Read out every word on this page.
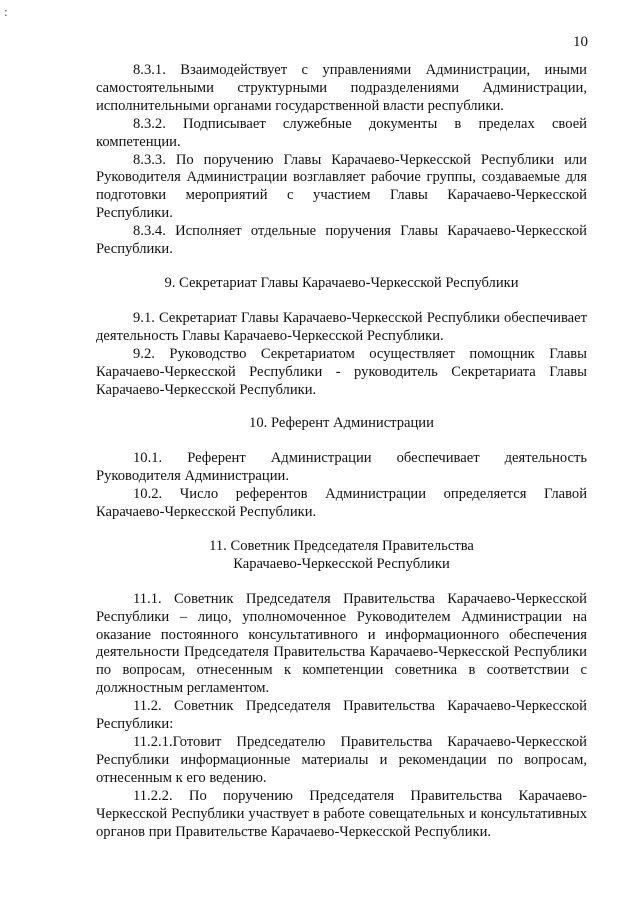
:
10

8.3.1. Взаимодействует с управлениями Администрации, иными самостоятельными структурными подразделениями Администрации, исполнительными органами государственной власти республики.

8.3.2. Подписывает служебные документы в пределах своей компетенции.

8.3.3. По поручению Главы Карачаево-Черкесской Республики или Руководителя Администрации возглавляет рабочие группы, создаваемые для подготовки мероприятий с участием Главы Карачаево-Черкесской Республики.

8.3.4. Исполняет отдельные поручения Главы Карачаево-Черкесской Республики.

9. Секретариат Главы Карачаево-Черкесской Республики

9.1. Секретариат Главы Карачаево-Черкесской Республики обеспечивает деятельность Главы Карачаево-Черкесской Республики.

9.2. Руководство Секретариатом осуществляет помощник Главы Карачаево-Черкесской Республики - руководитель Секретариата Главы Карачаево-Черкесской Республики.

10. Референт Администрации

10.1. Референт Администрации обеспечивает деятельность Руководителя Администрации.

10.2. Число референтов Администрации определяется Главой Карачаево-Черкесской Республики.

11. Советник Председателя Правительства
Карачаево-Черкесской Республики

11.1. Советник Председателя Правительства Карачаево-Черкесской Республики – лицо, уполномоченное Руководителем Администрации на оказание постоянного консультативного и информационного обеспечения деятельности Председателя Правительства Карачаево-Черкесской Республики по вопросам, отнесенным к компетенции советника в соответствии с должностным регламентом.

11.2. Советник Председателя Правительства Карачаево-Черкесской Республики:

11.2.1.Готовит Председателю Правительства Карачаево-Черкесской Республики информационные материалы и рекомендации по вопросам, отнесенным к его ведению.

11.2.2. По поручению Председателя Правительства Карачаево-Черкесской Республики участвует в работе совещательных и консультативных органов при Правительстве Карачаево-Черкесской Республики.
